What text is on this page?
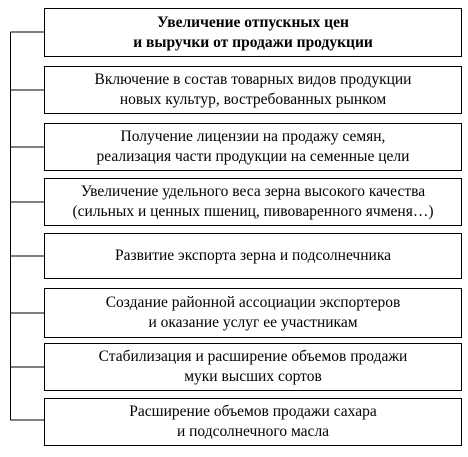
Увеличение отпускных цен
и выручки от продажи продукции
Включение в состав товарных видов продукции
новых культур, востребованных рынком
Получение лицензии на продажу семян,
реализация части продукции на семенные цели
Увеличение удельного веса зерна высокого качества
(сильных и ценных пшениц, пивоваренного ячменя…)
Развитие экспорта зерна и подсолнечника
Создание районной ассоциации экспортеров
и оказание услуг ее участникам
Стабилизация и расширение объемов продажи
муки высших сортов
Расширение объемов продажи сахара
и подсолнечного масла
